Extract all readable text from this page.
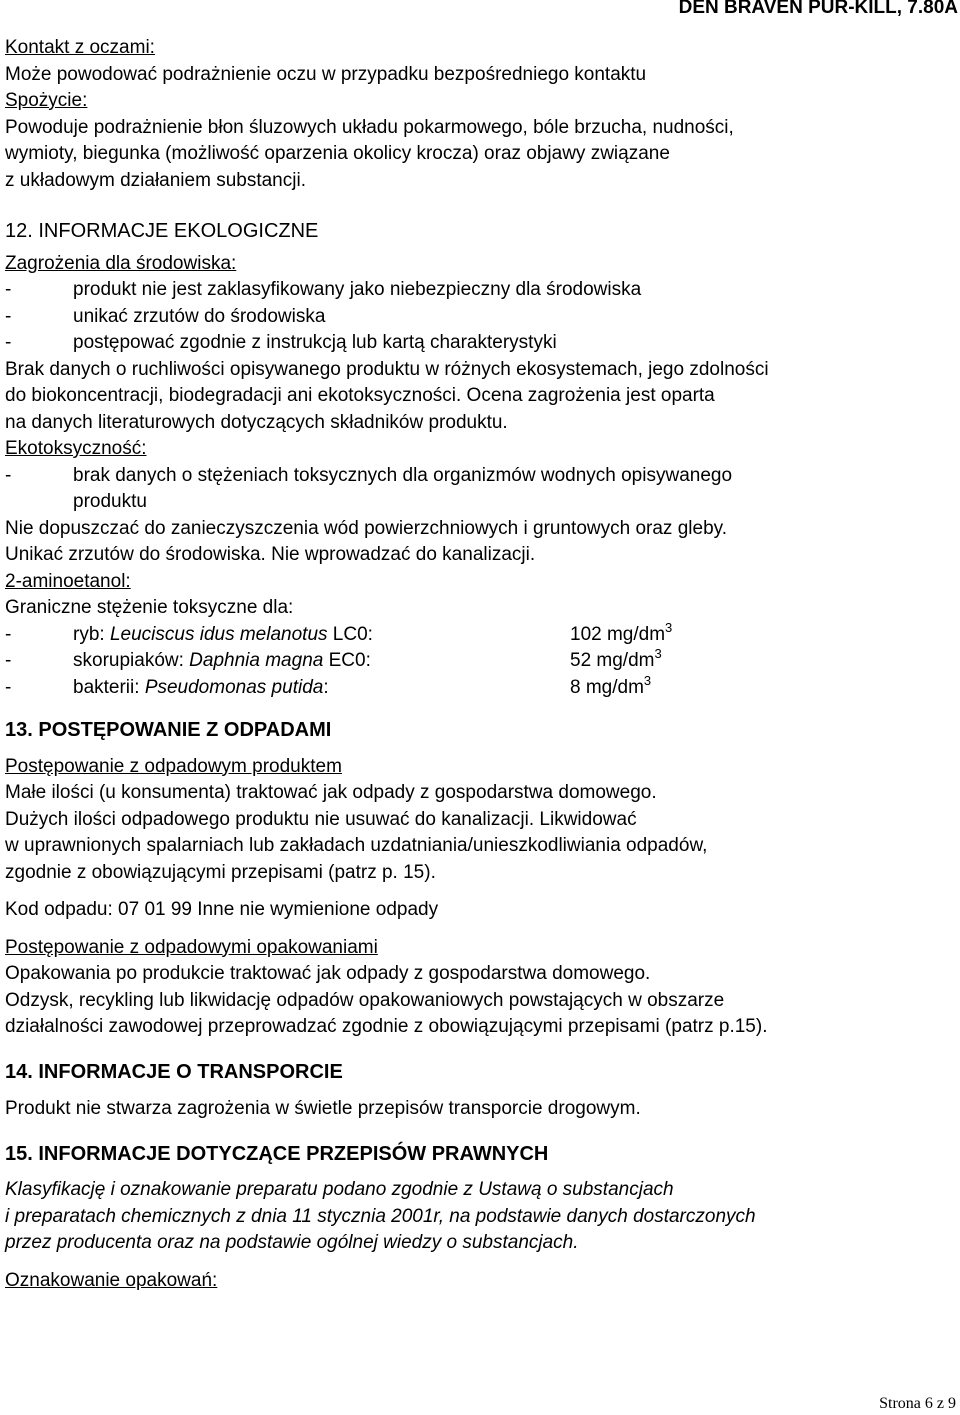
DEN BRAVEN PUR-KILL, 7.80A
Kontakt z oczami:
Może powodować podrażnienie oczu w przypadku bezpośredniego kontaktu
Spożycie:
Powoduje podrażnienie błon śluzowych układu pokarmowego, bóle brzucha, nudności,
wymioty, biegunka (możliwość oparzenia okolicy krocza) oraz objawy związane
z układowym działaniem substancji.
12. INFORMACJE EKOLOGICZNE
Zagrożenia dla środowiska:
-	produkt nie jest zaklasyfikowany jako niebezpieczny dla środowiska
-	unikać zrzutów do środowiska
-	postępować zgodnie z instrukcją lub kartą charakterystyki
Brak danych o ruchliwości opisywanego produktu w różnych ekosystemach, jego zdolności
do biokoncentracji, biodegradacji ani ekotoksyczności. Ocena zagrożenia jest oparta
na danych literaturowych dotyczących składników produktu.
Ekotoksyczność:
-	brak danych o stężeniach toksycznych dla organizmów wodnych opisywanego
produktu
Nie dopuszczać do zanieczyszczenia wód powierzchniowych i gruntowych oraz gleby.
Unikać zrzutów do środowiska. Nie wprowadzać do kanalizacji.
2-aminoetanol:
Graniczne stężenie toksyczne dla:
-	ryb: Leuciscus idus melanotus LC0:	102 $mg/dm^3$
-	skorupiaków: Daphnia magna EC0:	52 $mg/dm^3$
-	bakterii: Pseudomonas putida:	8 $mg/dm^3$
13. POSTĘPOWANIE Z ODPADAMI
Postępowanie z odpadowym produktem
Małe ilości (u konsumenta) traktować jak odpady z gospodarstwa domowego.
Dużych ilości odpadowego produktu nie usuwać do kanalizacji. Likwidować
w uprawnionych spalarniach lub zakładach uzdatniania/unieszkodliwiania odpadów,
zgodnie z obowiązującymi przepisami (patrz p. 15).
Kod odpadu: 07 01 99 Inne nie wymienione odpady
Postępowanie z odpadowymi opakowaniami
Opakowania po produkcie traktować jak odpady z gospodarstwa domowego.
Odzysk, recykling lub likwidację odpadów opakowaniowych powstających w obszarze
działalności zawodowej przeprowadzać zgodnie z obowiązującymi przepisami (patrz p.15).
14. INFORMACJE O TRANSPORCIE
Produkt nie stwarza zagrożenia w świetle przepisów transporcie drogowym.
15. INFORMACJE DOTYCZĄCE PRZEPISÓW PRAWNYCH
Klasyfikację i oznakowanie preparatu podano zgodnie z Ustawą o substancjach
i preparatach chemicznych z dnia 11 stycznia 2001r, na podstawie danych dostarczonych
przez producenta oraz na podstawie ogólnej wiedzy o substancjach.
Oznakowanie opakowań:
Strona 6 z 9
